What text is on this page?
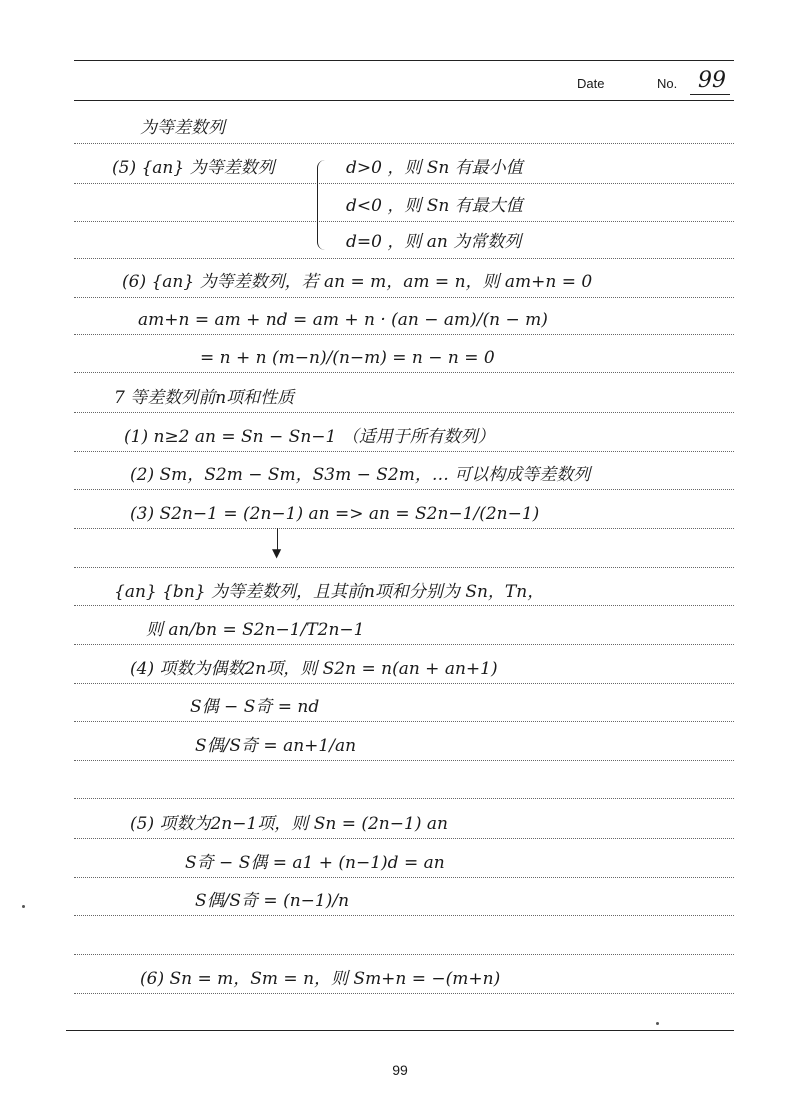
Date	No. 99
为等差数列
(5) {an} 为等差数列	d>0 ，则 Sn 有最小值
d<0 ，则 Sn 有最大值
d=0 ，则 an 为常数列
(6) {an} 为等差数列，若 an = m，am = n，则 am+n = 0
am+n = am + nd = am + n · (an − am)/(n − m)
= n + n (m−n)/(n−m) = n − n = 0
7 等差数列前n项和性质
(1) n≥2 an = Sn − Sn−1 （适用于所有数列）
(2) Sm，S2m − Sm，S3m − S2m，… 可以构成等差数列
(3) S2n−1 = (2n−1) an => an = S2n−1/(2n−1)
▼
{an} {bn} 为等差数列，且其前n项和分别为 Sn，Tn，
则 an/bn = S2n−1/T2n−1
(4) 项数为偶数2n项，则 S2n = n(an + an+1)
S偶 − S奇 = nd
S偶/S奇 = an+1/an
(5) 项数为2n−1项，则 Sn = (2n−1) an
S奇 − S偶 = a1 + (n−1)d = an
S偶/S奇 = (n−1)/n
(6) Sn = m，Sm = n，则 Sm+n = −(m+n)
99
